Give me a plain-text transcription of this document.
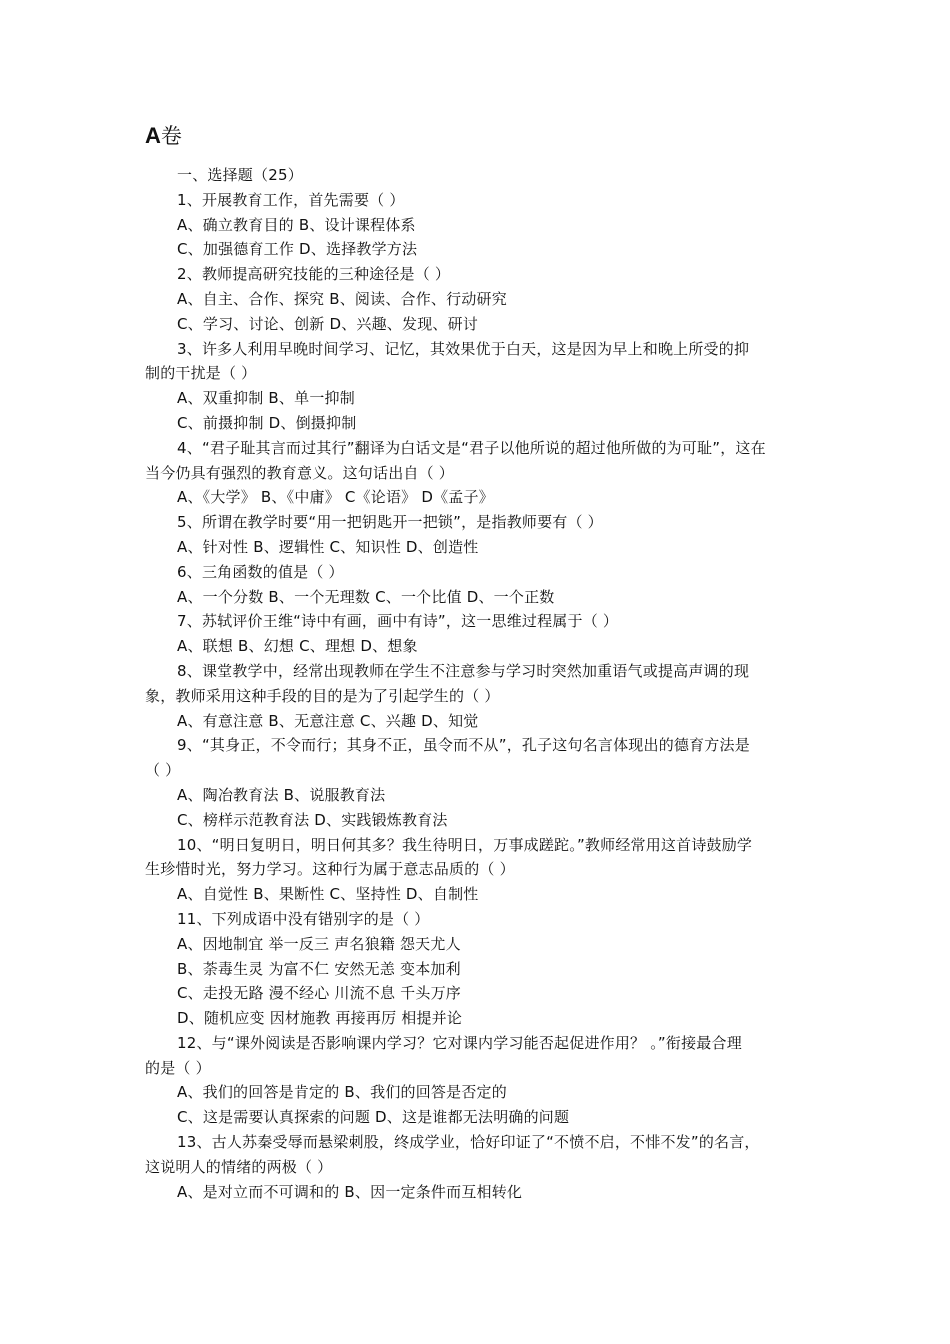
A卷

一、选择题（25）

1、开展教育工作，首先需要（ ）

A、确立教育目的 B、设计课程体系

C、加强德育工作 D、选择教学方法

2、教师提高研究技能的三种途径是（ ）

A、自主、合作、探究 B、阅读、合作、行动研究

C、学习、讨论、创新 D、兴趣、发现、研讨

3、许多人利用早晚时间学习、记忆，其效果优于白天，这是因为早上和晚上所受的抑

制的干扰是（ ）

A、双重抑制 B、单一抑制

C、前摄抑制 D、倒摄抑制

4、“君子耻其言而过其行”翻译为白话文是“君子以他所说的超过他所做的为可耻”，这在

当今仍具有强烈的教育意义。这句话出自（ ）

A、《大学》 B、《中庸》 C《论语》 D《孟子》

5、所谓在教学时要“用一把钥匙开一把锁”，是指教师要有（ ）

A、针对性 B、逻辑性 C、知识性 D、创造性

6、三角函数的值是（ ）

A、一个分数 B、一个无理数 C、一个比值 D、一个正数

7、苏轼评价王维“诗中有画，画中有诗”，这一思维过程属于（ ）

A、联想 B、幻想 C、理想 D、想象

8、课堂教学中，经常出现教师在学生不注意参与学习时突然加重语气或提高声调的现

象，教师采用这种手段的目的是为了引起学生的（ ）

A、有意注意 B、无意注意 C、兴趣 D、知觉

9、“其身正，不令而行；其身不正，虽令而不从”，孔子这句名言体现出的德育方法是

（ ）

A、陶冶教育法 B、说服教育法

C、榜样示范教育法 D、实践锻炼教育法

10、“明日复明日，明日何其多？我生待明日，万事成蹉跎。”教师经常用这首诗鼓励学

生珍惜时光，努力学习。这种行为属于意志品质的（ ）

A、自觉性 B、果断性 C、坚持性 D、自制性

11、下列成语中没有错别字的是（ ）

A、因地制宜 举一反三 声名狼籍 怨天尤人

B、荼毒生灵 为富不仁 安然无恙 变本加利

C、走投无路 漫不经心 川流不息 千头万序

D、随机应变 因材施教 再接再厉 相提并论

12、与“课外阅读是否影响课内学习？它对课内学习能否起促进作用？ 。”衔接最合理

的是（ ）

A、我们的回答是肯定的 B、我们的回答是否定的

C、这是需要认真探索的问题 D、这是谁都无法明确的问题

13、古人苏秦受辱而悬梁刺股，终成学业，恰好印证了“不愤不启，不悱不发”的名言，

这说明人的情绪的两极（ ）

A、是对立而不可调和的 B、因一定条件而互相转化
